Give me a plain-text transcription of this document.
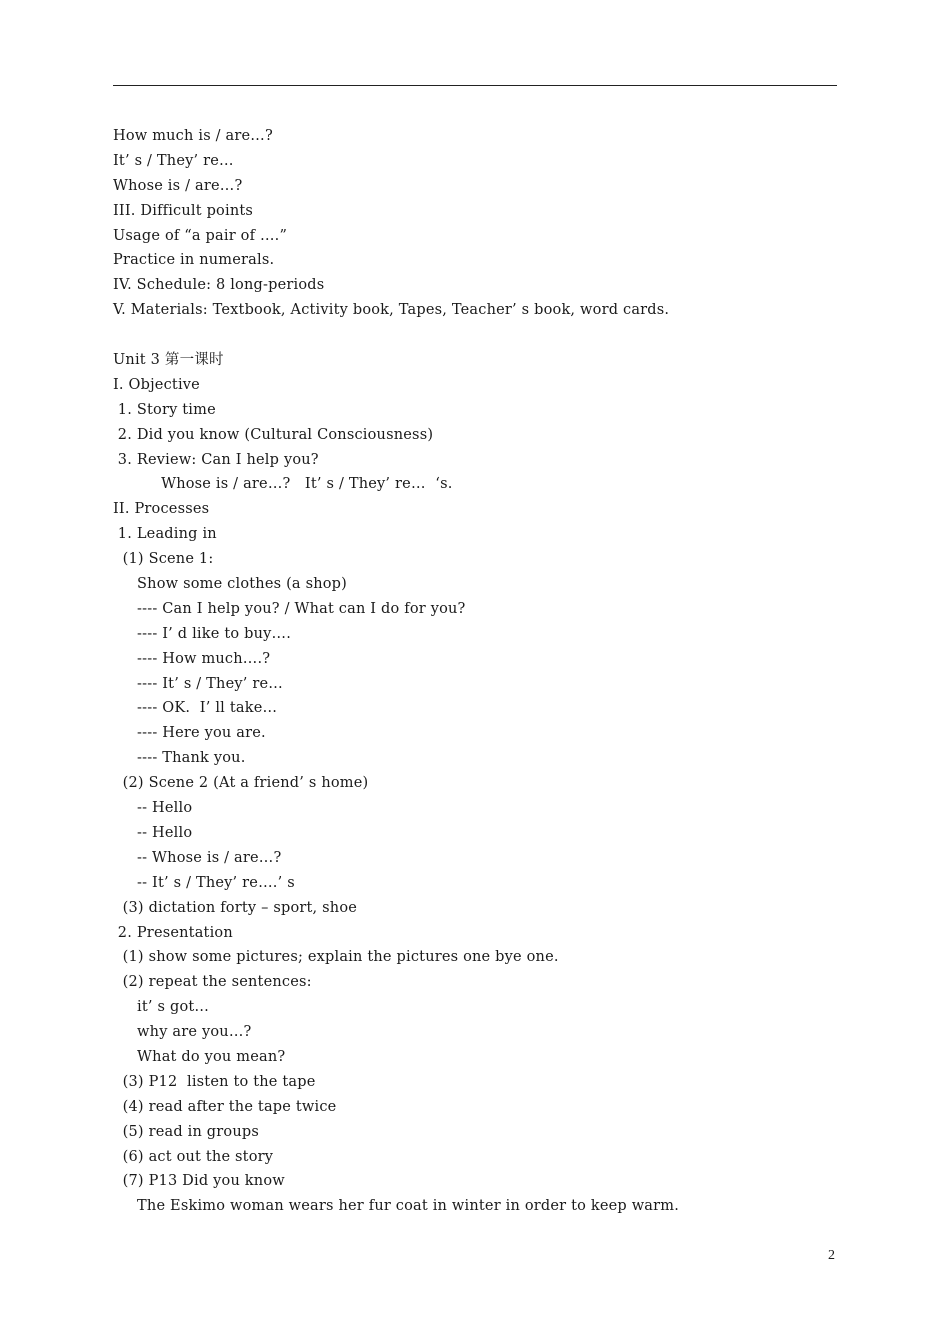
How much is / are…?
It’ s / They’ re…
Whose is / are…?
III. Difficult points
Usage of “a pair of ….”
Practice in numerals.
IV. Schedule: 8 long-periods
V. Materials: Textbook, Activity book, Tapes, Teacher’ s book, word cards.
Unit 3 第一课时
I. Objective
1. Story time
2. Did you know (Cultural Consciousness)
3. Review: Can I help you?
Whose is / are…?   It’ s / They’ re…  ‘s.
II. Processes
1. Leading in
(1) Scene 1:
Show some clothes (a shop)
---- Can I help you? / What can I do for you?
---- I’ d like to buy….
---- How much….?
---- It’ s / They’ re…
---- OK.  I’ ll take…
---- Here you are.
---- Thank you.
(2) Scene 2 (At a friend’ s home)
-- Hello
-- Hello
-- Whose is / are…?
-- It’ s / They’ re….’ s
(3) dictation forty – sport, shoe
2. Presentation
(1) show some pictures; explain the pictures one bye one.
(2) repeat the sentences:
it’ s got…
why are you…?
What do you mean?
(3) P12  listen to the tape
(4) read after the tape twice
(5) read in groups
(6) act out the story
(7) P13 Did you know
The Eskimo woman wears her fur coat in winter in order to keep warm.
2
